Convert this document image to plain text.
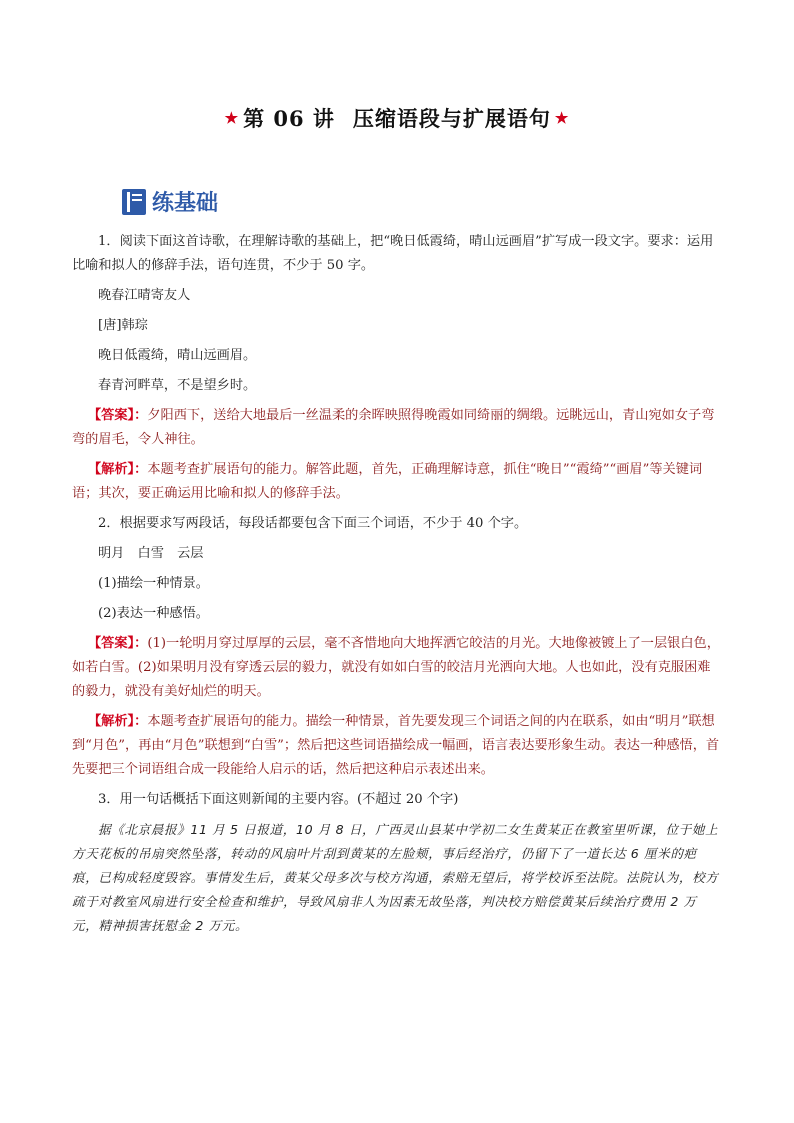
★ 第 06 讲 压缩语段与扩展语句 ★
练基础

1．阅读下面这首诗歌，在理解诗歌的基础上，把“晚日低霞绮，晴山远画眉”扩写成一段文字。要求：运用比喻和拟人的修辞手法，语句连贯，不少于 50 字。

晚春江晴寄友人

[唐]韩琮

晚日低霞绮，晴山远画眉。

春青河畔草，不是望乡时。

【答案】：夕阳西下，送给大地最后一丝温柔的余晖映照得晚霞如同绮丽的绸缎。远眺远山，青山宛如女子弯弯的眉毛，令人神往。

【解析】：本题考查扩展语句的能力。解答此题，首先，正确理解诗意，抓住“晚日”“霞绮”“画眉”等关键词语；其次，要正确运用比喻和拟人的修辞手法。

2．根据要求写两段话，每段话都要包含下面三个词语，不少于 40 个字。

明月　白雪　云层

(1)描绘一种情景。

(2)表达一种感悟。

【答案】：(1)一轮明月穿过厚厚的云层，毫不吝惜地向大地挥洒它皎洁的月光。大地像被镀上了一层银白色，如若白雪。(2)如果明月没有穿透云层的毅力，就没有如如白雪的皎洁月光洒向大地。人也如此，没有克服困难的毅力，就没有美好灿烂的明天。

【解析】：本题考查扩展语句的能力。描绘一种情景，首先要发现三个词语之间的内在联系，如由“明月”联想到“月色”，再由“月色”联想到“白雪”；然后把这些词语描绘成一幅画，语言表达要形象生动。表达一种感悟，首先要把三个词语组合成一段能给人启示的话，然后把这种启示表述出来。

3．用一句话概括下面这则新闻的主要内容。(不超过 20 个字)

据《北京晨报》11 月 5 日报道，10 月 8 日，广西灵山县某中学初二女生黄某正在教室里听课，位于她上方天花板的吊扇突然坠落，转动的风扇叶片刮到黄某的左脸颊，事后经治疗，仍留下了一道长达 6 厘米的疤痕，已构成轻度毁容。事情发生后，黄某父母多次与校方沟通，索赔无望后，将学校诉至法院。法院认为，校方疏于对教室风扇进行安全检查和维护，导致风扇非人为因素无故坠落，判决校方赔偿黄某后续治疗费用 2 万元，精神损害抚慰金 2 万元。
